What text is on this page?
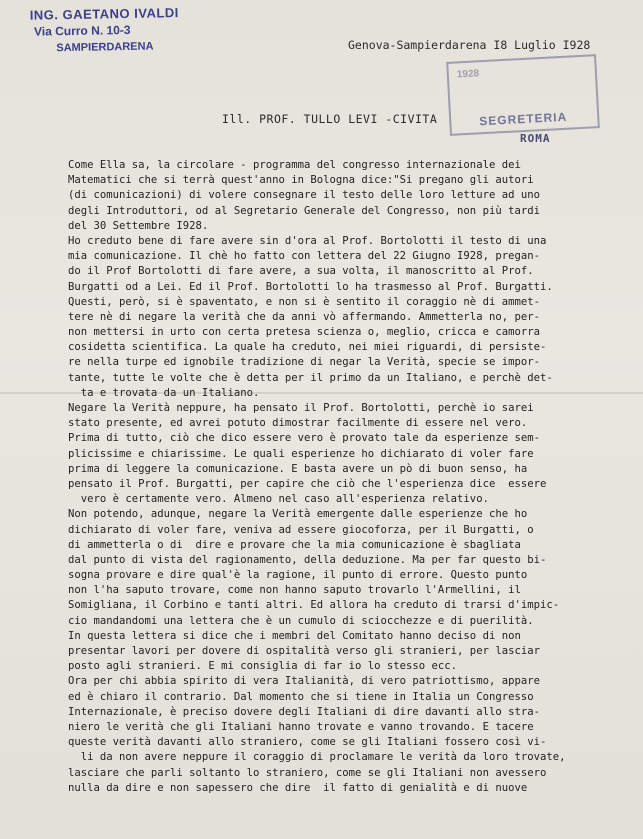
ING. GAETANO IVALDI
Via Curro N. 10-3
SAMPIERDARENA	Genova-Sampierdarena I8 Luglio I928
1928
SEGRETERIA
Ill. PROF. TULLO LEVI -CIVITA
ROMA
Come Ella sa, la circolare - programma del congresso internazionale dei
Matematici che si terrà quest'anno in Bologna dice:"Si pregano gli autori
(di comunicazioni) di volere consegnare il testo delle loro letture ad uno
degli Introduttori, od al Segretario Generale del Congresso, non più tardi
del 30 Settembre I928.
Ho creduto bene di fare avere sin d'ora al Prof. Bortolotti il testo di una
mia comunicazione. Il chè ho fatto con lettera del 22 Giugno I928, pregan-
do il Prof Bortolotti di fare avere, a sua volta, il manoscritto al Prof.
Burgatti od a Lei. Ed il Prof. Bortolotti lo ha trasmesso al Prof. Burgatti.
Questi, però, si è spaventato, e non si è sentito il coraggio nè di ammet-
tere nè di negare la verità che da anni vò affermando. Ammetterla no, per-
non mettersi in urto con certa pretesa scienza o, meglio, cricca e camorra
cosidetta scientifica. La quale ha creduto, nei miei riguardi, di persiste-
re nella turpe ed ignobile tradizione di negar la Verità, specie se impor-
tante, tutte le volte che è detta per il primo da un Italiano, e perchè det-
ta e trovata da un Italiano.
Negare la Verità neppure, ha pensato il Prof. Bortolotti, perchè io sarei
stato presente, ed avrei potuto dimostrar facilmente di essere nel vero.
Prima di tutto, ciò che dico essere vero è provato tale da esperienze sem-
plicissime e chiarissime. Le quali esperienze ho dichiarato di voler fare
prima di leggere la comunicazione. E basta avere un pò di buon senso, ha
pensato il Prof. Burgatti, per capire che ciò che l'esperienza dice  essere
vero è certamente vero. Almeno nel caso all'esperienza relativo.
Non potendo, adunque, negare la Verità emergente dalle esperienze che ho
dichiarato di voler fare, veniva ad essere giocoforza, per il Burgatti, o
di ammetterla o di  dire e provare che la mia comunicazione è sbagliata
dal punto di vista del ragionamento, della deduzione. Ma per far questo bi-
sogna provare e dire qual'è la ragione, il punto di errore. Questo punto
non l'ha saputo trovare, come non hanno saputo trovarlo l'Armellini, il
Somigliana, il Corbino e tanti altri. Ed allora ha creduto di trarsi d'impic-
cio mandandomi una lettera che è un cumulo di sciocchezze e di puerilità.
In questa lettera si dice che i membri del Comitato hanno deciso di non
presentar lavori per dovere di ospitalità verso gli stranieri, per lasciar
posto agli stranieri. E mi consiglia di far io lo stesso ecc.
Ora per chi abbia spirito di vera Italianità, di vero patriottismo, appare
ed è chiaro il contrario. Dal momento che si tiene in Italia un Congresso
Internazionale, è preciso dovere degli Italiani di dire davanti allo stra-
niero le verità che gli Italiani hanno trovate e vanno trovando. E tacere
queste verità davanti allo straniero, come se gli Italiani fossero così vi-
li da non avere neppure il coraggio di proclamare le verità da loro trovate,
lasciare che parli soltanto lo straniero, come se gli Italiani non avessero
nulla da dire e non sapessero che dire  il fatto di genialità e di nuove
